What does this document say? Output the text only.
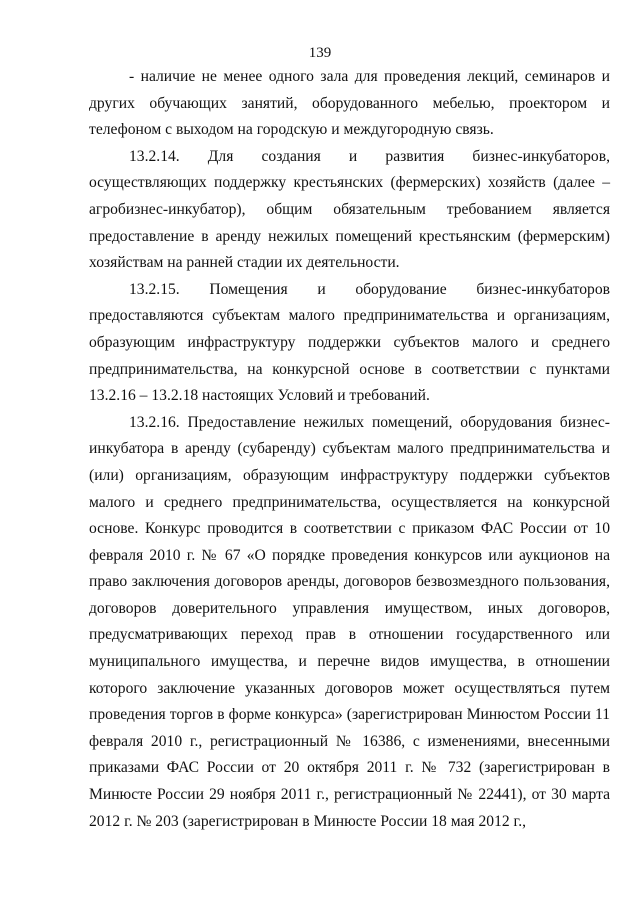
139

- наличие не менее одного зала для проведения лекций, семинаров и других обучающих занятий, оборудованного мебелью, проектором и телефоном с выходом на городскую и междугородную связь.

13.2.14. Для создания и развития бизнес-инкубаторов, осуществляющих поддержку крестьянских (фермерских) хозяйств (далее – агробизнес-инкубатор), общим обязательным требованием является предоставление в аренду нежилых помещений крестьянским (фермерским) хозяйствам на ранней стадии их деятельности.

13.2.15. Помещения и оборудование бизнес-инкубаторов предоставляются субъектам малого предпринимательства и организациям, образующим инфраструктуру поддержки субъектов малого и среднего предпринимательства, на конкурсной основе в соответствии с пунктами 13.2.16 – 13.2.18 настоящих Условий и требований.

13.2.16. Предоставление нежилых помещений, оборудования бизнес-инкубатора в аренду (субаренду) субъектам малого предпринимательства и (или) организациям, образующим инфраструктуру поддержки субъектов малого и среднего предпринимательства, осуществляется на конкурсной основе. Конкурс проводится в соответствии с приказом ФАС России от 10 февраля 2010 г. № 67 «О порядке проведения конкурсов или аукционов на право заключения договоров аренды, договоров безвозмездного пользования, договоров доверительного управления имуществом, иных договоров, предусматривающих переход прав в отношении государственного или муниципального имущества, и перечне видов имущества, в отношении которого заключение указанных договоров может осуществляться путем проведения торгов в форме конкурса» (зарегистрирован Минюстом России 11 февраля 2010 г., регистрационный № 16386, с изменениями, внесенными приказами ФАС России от 20 октября 2011 г. № 732 (зарегистрирован в Минюсте России 29 ноября 2011 г., регистрационный № 22441), от 30 марта 2012 г. № 203 (зарегистрирован в Минюсте России 18 мая 2012 г.,
